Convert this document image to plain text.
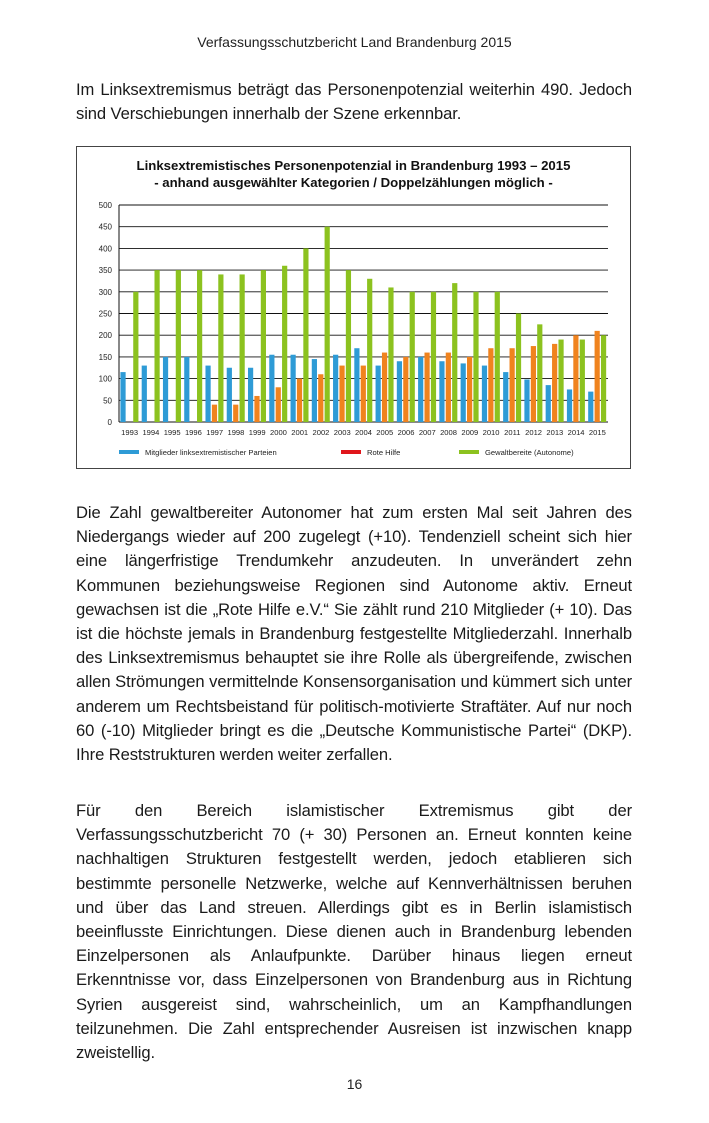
Verfassungsschutzbericht Land Brandenburg 2015

Im Linksextremismus beträgt das Personenpotenzial weiterhin 490. Jedoch sind Verschiebungen innerhalb der Szene erkennbar.

Linksextremistisches Personenpotenzial in Brandenburg 1993 – 2015
- anhand ausgewählter Kategorien / Doppelzählungen möglich -
0
50
100
150
200
250
300
350
400
450
500
1993 1994 1995 1996 1997 1998 1999 2000 2001 2002 2003 2004 2005 2006 2007 2008 2009 2010 2011 2012 2013 2014 2015
Mitglieder linksextremistischer Parteien	Rote Hilfe	Gewaltbereite (Autonome)

Die Zahl gewaltbereiter Autonomer hat zum ersten Mal seit Jahren des Niedergangs wieder auf 200 zugelegt (+10). Tendenziell scheint sich hier eine längerfristige Trendumkehr anzudeuten. In unverändert zehn Kommunen beziehungsweise Regionen sind Autonome aktiv. Erneut gewachsen ist die „Rote Hilfe e.V.“ Sie zählt rund 210 Mitglieder (+ 10). Das ist die höchste jemals in Brandenburg festgestellte Mitgliederzahl. Innerhalb des Linksextremismus behauptet sie ihre Rolle als übergreifende, zwischen allen Strömungen vermittelnde Konsensorganisation und kümmert sich unter anderem um Rechtsbeistand für politisch-motivierte Straftäter. Auf nur noch 60 (-10) Mitglieder bringt es die „Deutsche Kommunistische Partei“ (DKP). Ihre Reststrukturen werden weiter zerfallen.

Für den Bereich islamistischer Extremismus gibt der Verfassungsschutzbericht 70 (+ 30) Personen an. Erneut konnten keine nachhaltigen Strukturen festgestellt werden, jedoch etablieren sich bestimmte personelle Netzwerke, welche auf Kennverhältnissen beruhen und über das Land streuen. Allerdings gibt es in Berlin islamistisch beeinflusste Einrichtungen. Diese dienen auch in Brandenburg lebenden Einzelpersonen als Anlaufpunkte. Darüber hinaus liegen erneut Erkenntnisse vor, dass Einzelpersonen von Brandenburg aus in Richtung Syrien ausgereist sind, wahrscheinlich, um an Kampfhandlungen teilzunehmen. Die Zahl entsprechender Ausreisen ist inzwischen knapp zweistellig.

16
